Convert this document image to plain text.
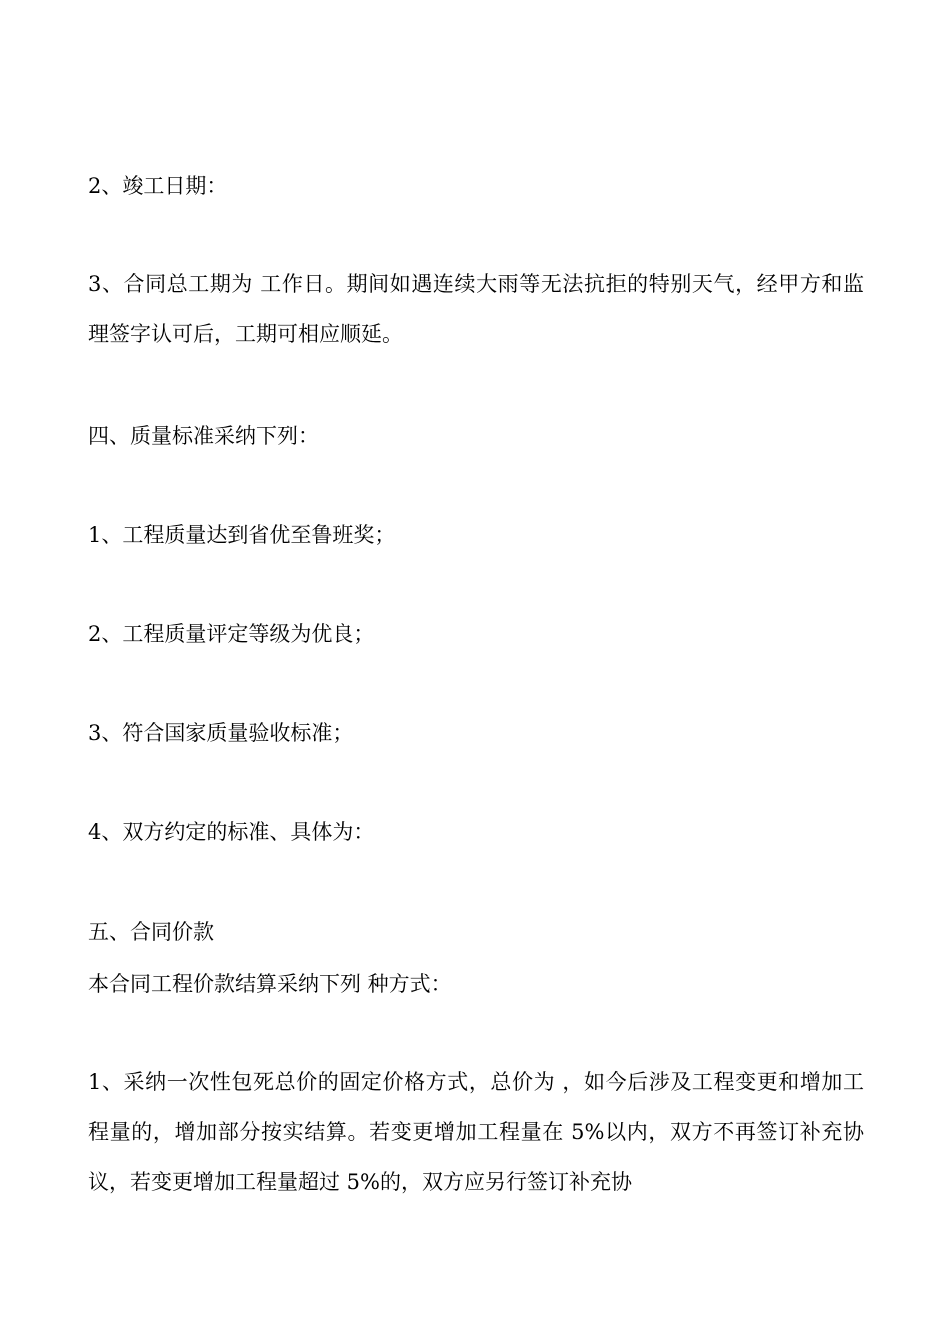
2、竣工日期：
3、合同总工期为 工作日。期间如遇连续大雨等无法抗拒的特别天气，经甲方和监理签字认可后，工期可相应顺延。
四、质量标准采纳下列：
1、工程质量达到省优至鲁班奖；
2、工程质量评定等级为优良；
3、符合国家质量验收标准；
4、双方约定的标准、具体为：
五、合同价款
本合同工程价款结算采纳下列 种方式：
1、采纳一次性包死总价的固定价格方式，总价为 ，如今后涉及工程变更和增加工程量的，增加部分按实结算。若变更增加工程量在 5%以内，双方不再签订补充协议，若变更增加工程量超过 5%的，双方应另行签订补充协
